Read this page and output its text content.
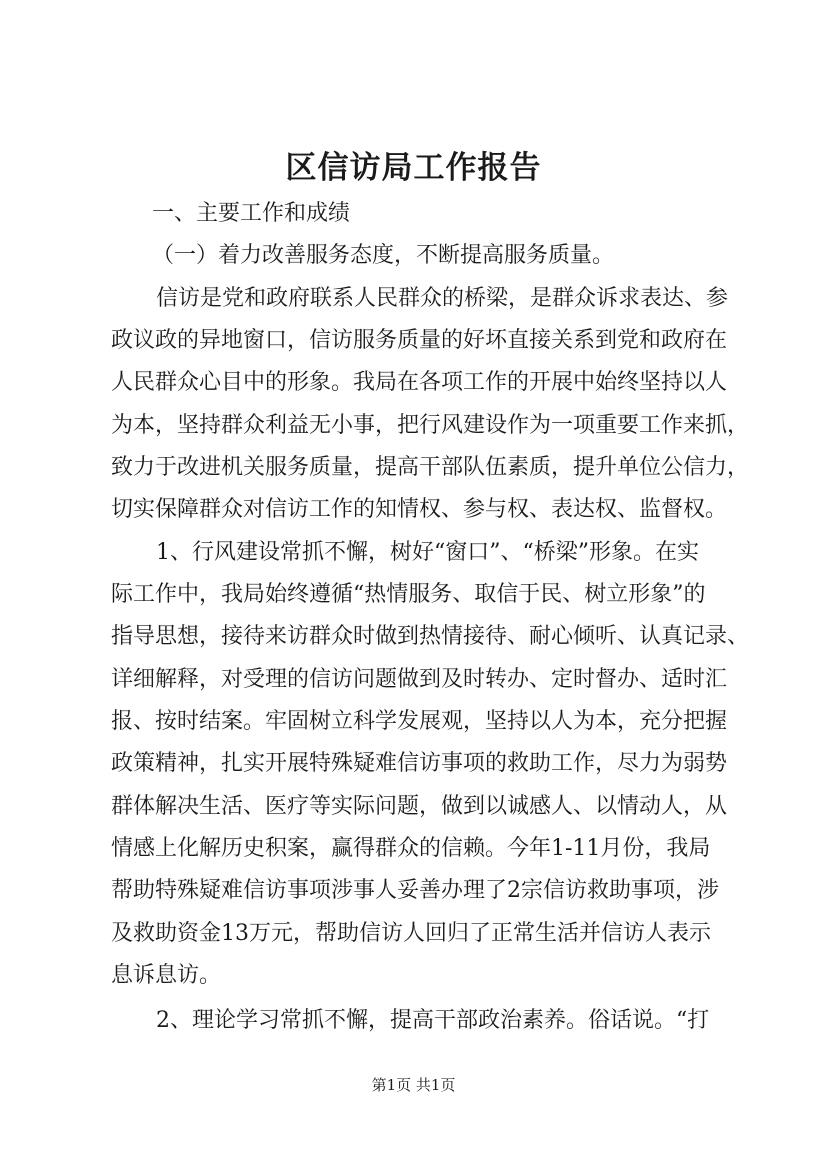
区信访局工作报告

一、主要工作和成绩

（一）着力改善服务态度，不断提高服务质量。

信访是党和政府联系人民群众的桥梁，是群众诉求表达、参

政议政的异地窗口，信访服务质量的好坏直接关系到党和政府在

人民群众心目中的形象。我局在各项工作的开展中始终坚持以人

为本，坚持群众利益无小事，把行风建设作为一项重要工作来抓，

致力于改进机关服务质量，提高干部队伍素质，提升单位公信力，

切实保障群众对信访工作的知情权、参与权、表达权、监督权。

1、行风建设常抓不懈，树好“窗口”、“桥梁”形象。在实

际工作中，我局始终遵循“热情服务、取信于民、树立形象”的

指导思想，接待来访群众时做到热情接待、耐心倾听、认真记录、

详细解释，对受理的信访问题做到及时转办、定时督办、适时汇

报、按时结案。牢固树立科学发展观，坚持以人为本，充分把握

政策精神，扎实开展特殊疑难信访事项的救助工作，尽力为弱势

群体解决生活、医疗等实际问题，做到以诚感人、以情动人，从

情感上化解历史积案，赢得群众的信赖。今年1-11月份，我局

帮助特殊疑难信访事项涉事人妥善办理了2宗信访救助事项，涉

及救助资金13万元，帮助信访人回归了正常生活并信访人表示

息诉息访。

2、理论学习常抓不懈，提高干部政治素养。俗话说。“打

第1页 共1页
